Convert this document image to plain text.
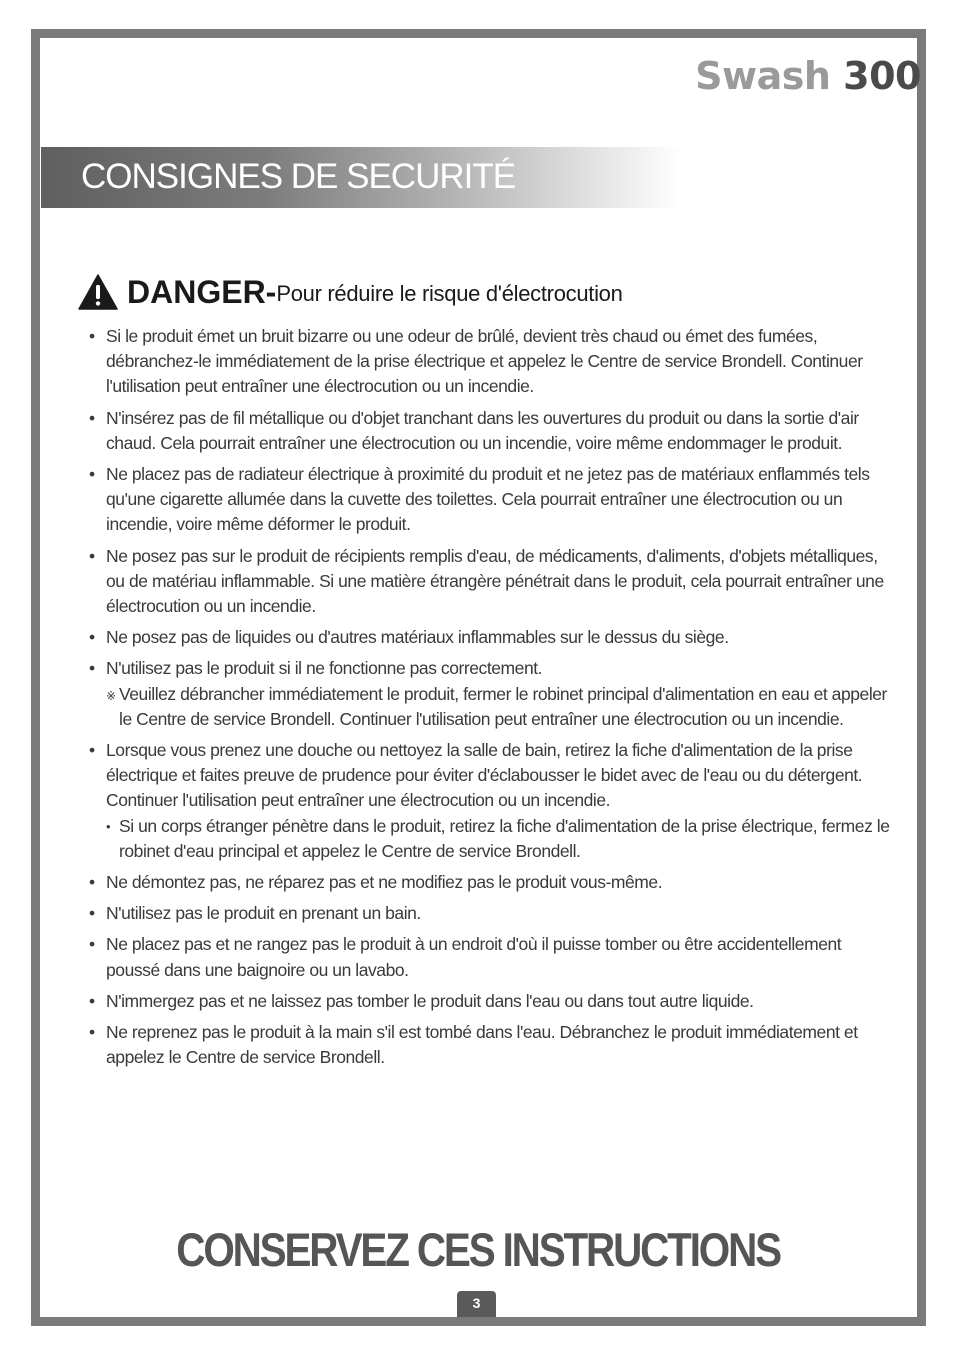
Swash 300
CONSIGNES DE SECURITÉ
DANGER- Pour réduire le risque d'électrocution
• Si le produit émet un bruit bizarre ou une odeur de brûlé, devient très chaud ou émet des fumées, débranchez-le immédiatement de la prise électrique et appelez le Centre de service Brondell. Continuer l'utilisation peut entraîner une électrocution ou un incendie.
• N'insérez pas de fil métallique ou d'objet tranchant dans les ouvertures du produit ou dans la sortie d'air chaud. Cela pourrait entraîner une électrocution ou un incendie, voire même endommager le produit.
• Ne placez pas de radiateur électrique à proximité du produit et ne jetez pas de matériaux enflammés tels qu'une cigarette allumée dans la cuvette des toilettes. Cela pourrait entraîner une électrocution ou un incendie, voire même déformer le produit.
• Ne posez pas sur le produit de récipients remplis d'eau, de médicaments, d'aliments, d'objets métalliques, ou de matériau inflammable. Si une matière étrangère pénétrait dans le produit, cela pourrait entraîner une électrocution ou un incendie.
• Ne posez pas de liquides ou d'autres matériaux inflammables sur le dessus du siège.
• N'utilisez pas le produit si il ne fonctionne pas correctement.
※ Veuillez débrancher immédiatement le produit, fermer le robinet principal d'alimentation en eau et appeler le Centre de service Brondell. Continuer l'utilisation peut entraîner une électrocution ou un incendie.
• Lorsque vous prenez une douche ou nettoyez la salle de bain, retirez la fiche d'alimentation de la prise électrique et faites preuve de prudence pour éviter d'éclabousser le bidet avec de l'eau ou du détergent. Continuer l'utilisation peut entraîner une électrocution ou un incendie.
• Si un corps étranger pénètre dans le produit, retirez la fiche d'alimentation de la prise électrique, fermez le robinet d'eau principal et appelez le Centre de service Brondell.
• Ne démontez pas, ne réparez pas et ne modifiez pas le produit vous-même.
• N'utilisez pas le produit en prenant un bain.
• Ne placez pas et ne rangez pas le produit à un endroit d'où il puisse tomber ou être accidentellement poussé dans une baignoire ou un lavabo.
• N'immergez pas et ne laissez pas tomber le produit dans l'eau ou dans tout autre liquide.
• Ne reprenez pas le produit à la main s'il est tombé dans l'eau. Débranchez le produit immédiatement et appelez le Centre de service Brondell.
CONSERVEZ CES INSTRUCTIONS
3
